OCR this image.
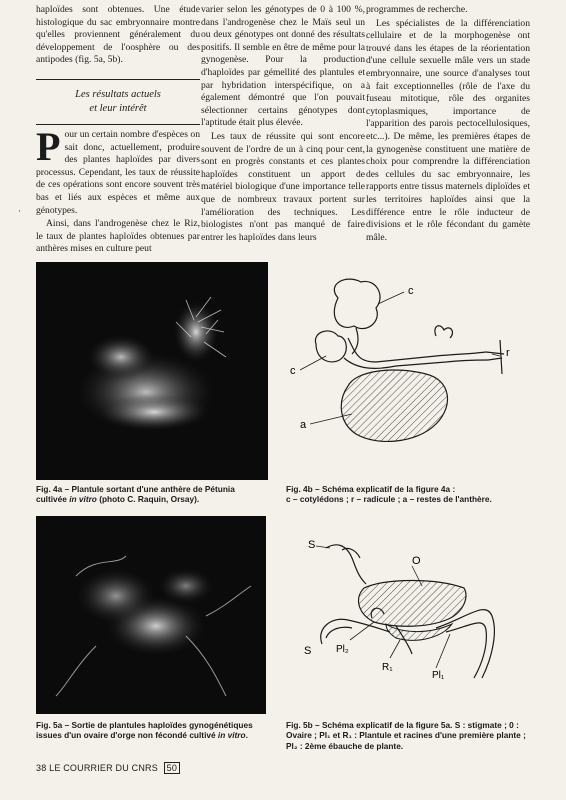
haploïdes sont obtenues. Une étude histologique du sac embryonnaire montre qu'elles proviennent généralement du développement de l'oosphère ou des antipodes (fig. 5a, 5b).

Les résultats actuels
et leur intérêt

Pour un certain nombre d'espèces on sait donc, actuellement, produire des plantes haploïdes par divers processus. Cependant, les taux de réussite de ces opérations sont encore souvent très bas et liés aux espèces et même aux génotypes.

Ainsi, dans l'androgenèse chez le Riz, le taux de plantes haploïdes obtenues par anthères mises en culture peut

varier selon les génotypes de 0 à 100 %, dans l'androgenèse chez le Maïs seul un ou deux génotypes ont donné des résultats positifs. Il semble en être de même pour la gynogenèse. Pour la production d'haploïdes par gémellité des plantules et par hybridation interspécifique, on a également démontré que l'on pouvait sélectionner certains génotypes dont l'aptitude était plus élevée.

Les taux de réussite qui sont encore souvent de l'ordre de un à cinq pour cent, sont en progrès constants et ces plantes haploïdes constituent un apport de matériel biologique d'une importance telle que de nombreux travaux portent sur l'amélioration des techniques. Les biologistes n'ont pas manqué de faire entrer les haploïdes dans leurs

programmes de recherche.

Les spécialistes de la différenciation cellulaire et de la morphogenèse ont trouvé dans les étapes de la réorientation d'une cellule sexuelle mâle vers un stade embryonnaire, une source d'analyses tout à fait exceptionnelles (rôle de l'axe du fuseau mitotique, rôle des organites cytoplasmiques, importance de l'apparition des parois pectocellulosiques, etc...). De même, les premières étapes de la gynogenèse constituent une matière de choix pour comprendre la différenciation des cellules du sac embryonnaire, les rapports entre tissus maternels diploïdes et les territoires haploïdes ainsi que la différence entre le rôle inducteur de divisions et le rôle fécondant du gamète mâle.

·
c
c
r
a
Fig. 4a – Plantule sortant d'une anthère de Pétunia cultivée in vitro (photo C. Raquin, Orsay).
Fig. 4b – Schéma explicatif de la figure 4a :
c – cotylédons ; r – radicule ; a – restes de l'anthère.
S
S
O
Pl₂
R₁
Pl₁
Fig. 5a – Sortie de plantules haploïdes gynogénétiques issues d'un ovaire d'orge non fécondé cultivé in vitro.
Fig. 5b – Schéma explicatif de la figure 5a. S : stigmate ; 0 : Ovaire ; Pl₁ et R₁ : Plantule et racines d'une première plante ; Pl₂ : 2ème ébauche de plante.
38 LE COURRIER DU CNRS 50
